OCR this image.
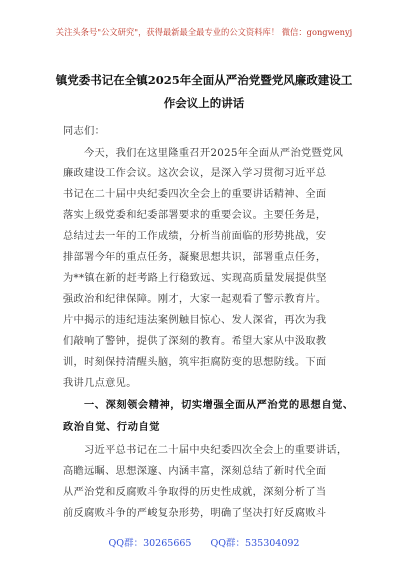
关注头条号"公文研究"，获得最新最全最专业的公文资料库！ 微信：gongwenyj
镇党委书记在全镇2025年全面从严治党暨党风廉政建设工
作会议上的讲话
同志们：
今天，我们在这里隆重召开2025年全面从严治党暨党风
廉政建设工作会议。这次会议，是深入学习贯彻习近平总
书记在二十届中央纪委四次全会上的重要讲话精神、全面
落实上级党委和纪委部署要求的重要会议。主要任务是，
总结过去一年的工作成绩，分析当前面临的形势挑战，安
排部署今年的重点任务，凝聚思想共识，部署重点任务，
为**镇在新的赶考路上行稳致远、实现高质量发展提供坚
强政治和纪律保障。刚才，大家一起观看了警示教育片。
片中揭示的违纪违法案例触目惊心、发人深省，再次为我
们敲响了警钟，提供了深刻的教育。希望大家从中汲取教
训，时刻保持清醒头脑，筑牢拒腐防变的思想防线。下面
我讲几点意见。
一、深刻领会精神，切实增强全面从严治党的思想自觉、
政治自觉、行动自觉
习近平总书记在二十届中央纪委四次全会上的重要讲话，
高瞻远瞩、思想深邃、内涵丰富，深刻总结了新时代全面
从严治党和反腐败斗争取得的历史性成就，深刻分析了当
前反腐败斗争的严峻复杂形势，明确了坚决打好反腐败斗
QQ群：30265665 QQ群：535304092
